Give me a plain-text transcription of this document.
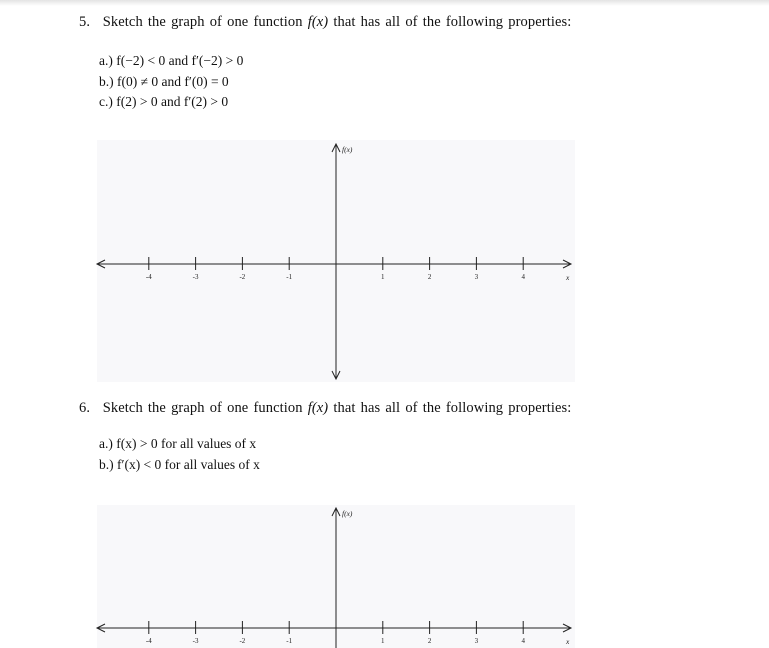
5. Sketch the graph of one function f(x) that has all of the following properties:
a.) f(−2) < 0 and f′(−2) > 0
b.) f(0) ≠ 0 and f′(0) = 0
c.) f(2) > 0 and f′(2) > 0
f(x)
x
-4	-3	-2	-1	1	2	3	4
6. Sketch the graph of one function f(x) that has all of the following properties:
a.) f(x) > 0 for all values of x
b.) f′(x) < 0 for all values of x
f(x)
x
-4	-3	-2	-1	1	2	3	4
